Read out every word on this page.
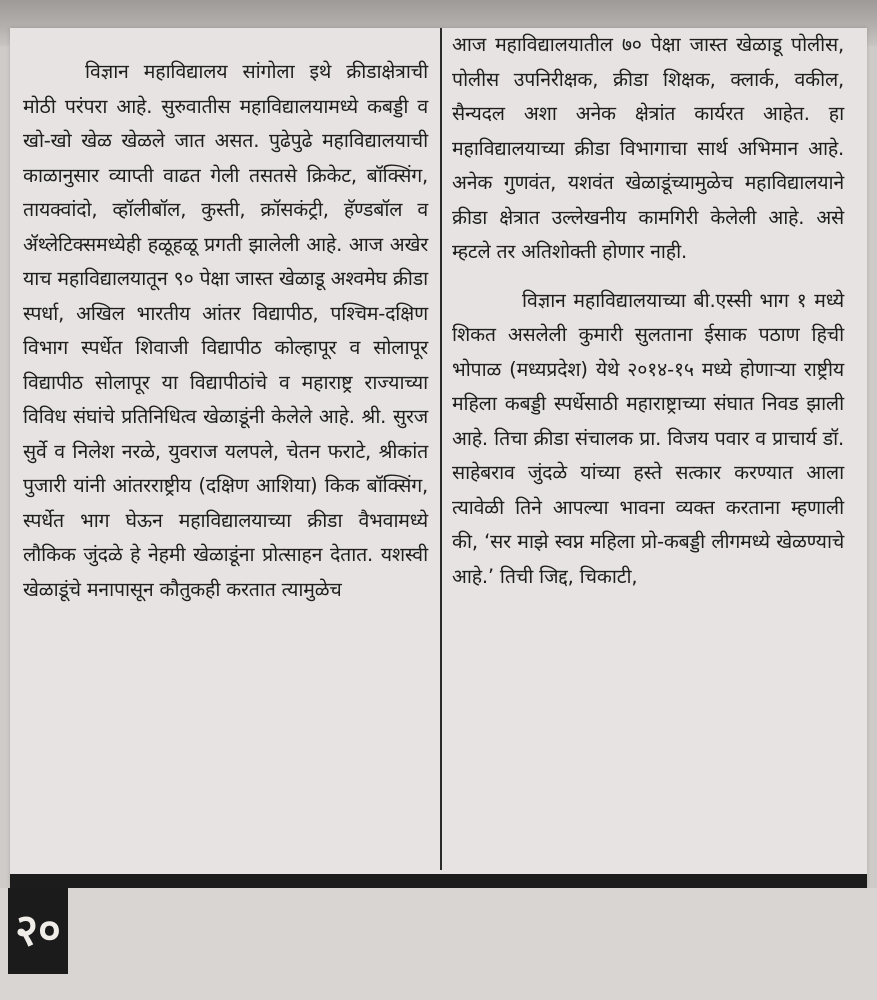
विज्ञान महाविद्यालय सांगोला इथे क्रीडाक्षेत्राची मोठी परंपरा आहे. सुरुवातीस महाविद्यालयामध्ये कबड्डी व खो-खो खेळ खेळले जात असत. पुढेपुढे महाविद्यालयाची काळानुसार व्याप्ती वाढत गेली तसतसे क्रिकेट, बॉक्सिंग, तायक्वांदो, व्हॉलीबॉल, कुस्ती, क्रॉसकंट्री, हॅण्डबॉल व ॲथ्लेटिक्समध्येही हळूहळू प्रगती झालेली आहे. आज अखेर याच महाविद्यालयातून ९० पेक्षा जास्त खेळाडू अश्वमेघ क्रीडा स्पर्धा, अखिल भारतीय आंतर विद्यापीठ, पश्चिम-दक्षिण विभाग स्पर्धेत शिवाजी विद्यापीठ कोल्हापूर व सोलापूर विद्यापीठ सोलापूर या विद्यापीठांचे व महाराष्ट्र राज्याच्या विविध संघांचे प्रतिनिधित्व खेळाडूंनी केलेले आहे. श्री. सुरज सुर्वे व निलेश नरळे, युवराज यलपले, चेतन फराटे, श्रीकांत पुजारी यांनी आंतरराष्ट्रीय (दक्षिण आशिया) किक बॉक्सिंग, स्पर्धेत भाग घेऊन महाविद्यालयाच्या क्रीडा वैभवामध्ये लौकिक जुंदळे हे नेहमी खेळाडूंना प्रोत्साहन देतात. यशस्वी खेळाडूंचे मनापासून कौतुकही करतात त्यामुळेच

आज महाविद्यालयातील ७० पेक्षा जास्त खेळाडू पोलीस, पोलीस उपनिरीक्षक, क्रीडा शिक्षक, क्लार्क, वकील, सैन्यदल अशा अनेक क्षेत्रांत कार्यरत आहेत. हा महाविद्यालयाच्या क्रीडा विभागाचा सार्थ अभिमान आहे. अनेक गुणवंत, यशवंत खेळाडूंच्यामुळेच महाविद्यालयाने क्रीडा क्षेत्रात उल्लेखनीय कामगिरी केलेली आहे. असे म्हटले तर अतिशोक्ती होणार नाही.

विज्ञान महाविद्यालयाच्या बी.एस्सी भाग १ मध्ये शिकत असलेली कुमारी सुलताना ईसाक पठाण हिची भोपाळ (मध्यप्रदेश) येथे २०१४-१५ मध्ये होणाऱ्या राष्ट्रीय महिला कबड्डी स्पर्धेसाठी महाराष्ट्राच्या संघात निवड झाली आहे. तिचा क्रीडा संचालक प्रा. विजय पवार व प्राचार्य डॉ. साहेबराव जुंदळे यांच्या हस्ते सत्कार करण्यात आला त्यावेळी तिने आपल्या भावना व्यक्त करताना म्हणाली की, ‘सर माझे स्वप्न महिला प्रो-कबड्डी लीगमध्ये खेळण्याचे आहे.’ तिची जिद्द, चिकाटी,

२०
